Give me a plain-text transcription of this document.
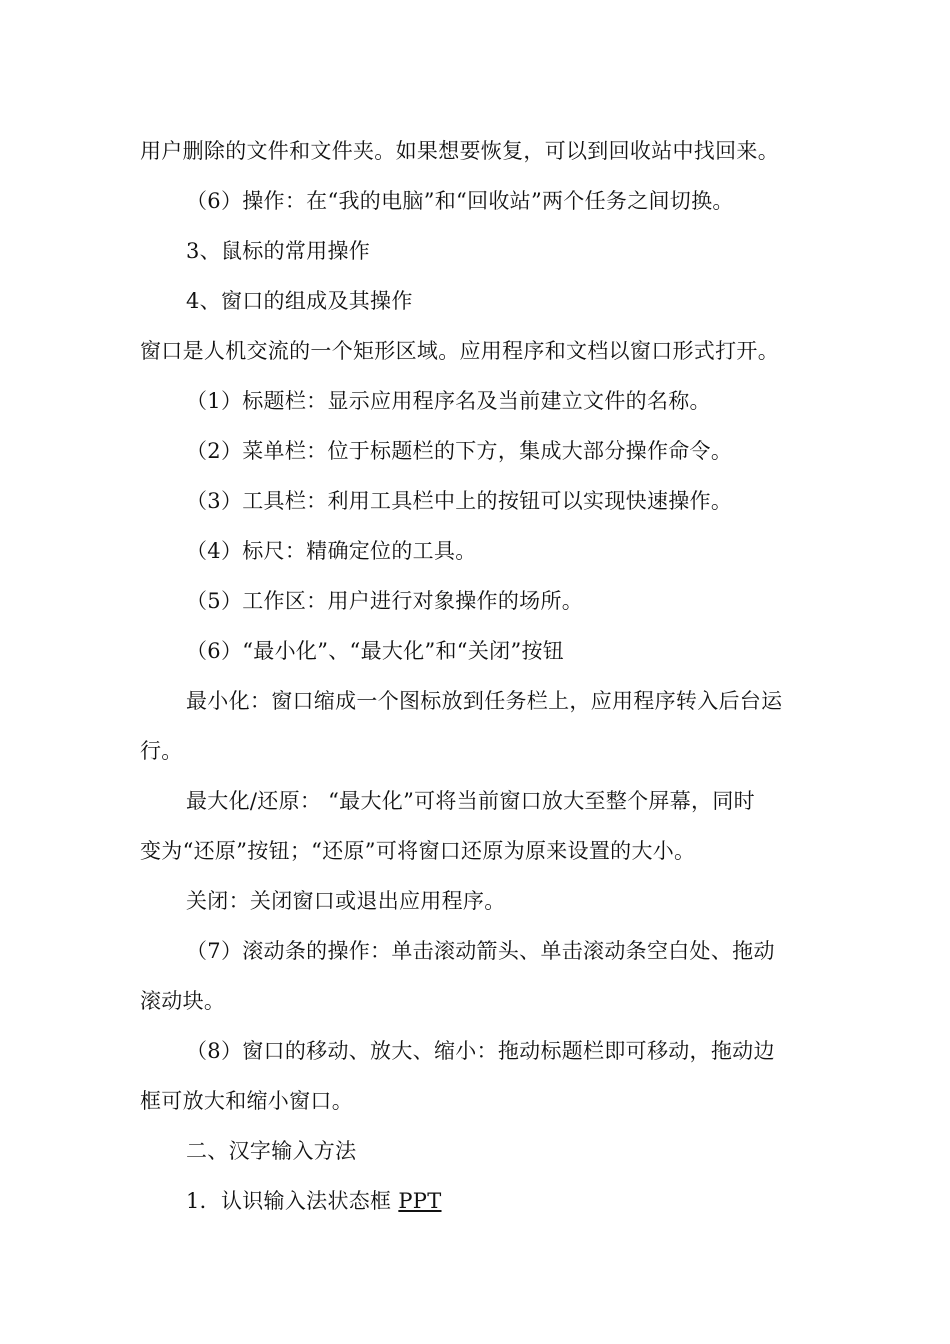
用户删除的文件和文件夹。如果想要恢复，可以到回收站中找回来。
（6）操作：在“我的电脑”和“回收站”两个任务之间切换。
3、鼠标的常用操作
4、窗口的组成及其操作
窗口是人机交流的一个矩形区域。应用程序和文档以窗口形式打开。
（1）标题栏：显示应用程序名及当前建立文件的名称。
（2）菜单栏：位于标题栏的下方，集成大部分操作命令。
（3）工具栏：利用工具栏中上的按钮可以实现快速操作。
（4）标尺：精确定位的工具。
（5）工作区：用户进行对象操作的场所。
（6）“最小化”、“最大化”和“关闭”按钮
最小化：窗口缩成一个图标放到任务栏上，应用程序转入后台运
行。
最大化/还原： “最大化”可将当前窗口放大至整个屏幕，同时
变为“还原”按钮；“还原”可将窗口还原为原来设置的大小。
关闭：关闭窗口或退出应用程序。
（7）滚动条的操作：单击滚动箭头、单击滚动条空白处、拖动
滚动块。
（8）窗口的移动、放大、缩小：拖动标题栏即可移动，拖动边
框可放大和缩小窗口。
二、汉字输入方法
1．认识输入法状态框 PPT
